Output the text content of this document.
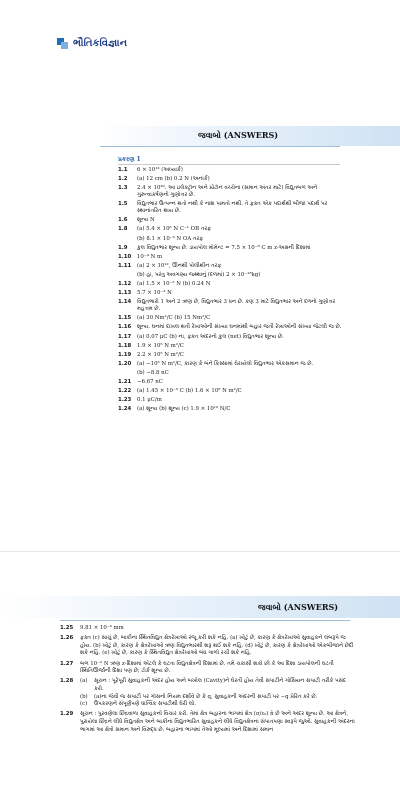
ભૌતિકવિજ્ઞાન
જવાબો (ANSWERS)
પ્રકરણ 1
1.1	6 × 10¹³ (અધ્યાર્ક)
1.2	(a) 12 cm (b) 0.2 N (અનાર્ક)
1.3	2.4 × 10³⁹. આ ઇલેક્ટ્રૉન અને પ્રોટૉન વચ્ચેના (સમાન અંતર માટે) વિદ્યુતબળ અને ગુરુત્વાકર્ષણનો ગુણોત્તર છે.
1.5	વિદ્યુતભાર ઉત્પન્ન થતો નથી કે નાશ પામતો નથી. તે ફક્ત એક પદાર્થથી બીજા પદાર્થ પર સ્થાનાંતરિત થાય છે.
1.6	શૂન્ય N
1.8	(a) 5.4 × 10⁶ N C⁻¹ OB તરફ
(b) 8.1 × 10⁻³ N OA તરફ
1.9	કુલ વિદ્યુતભાર શૂન્ય છે. ડાયપોલ મોમેન્ટ = 7.5 × 10⁻⁸ C m z-અક્ષની દિશામાં
1.10	10⁻⁴ N m
1.11	(a) 2 × 10¹², ઊનથી પોલીથીન તરફ
(b) હા, પરંતુ અવગણ્ય જથ્થાનું (દળમાં) 2 × 10⁻¹⁸kg)
1.12	(a) 1.5 × 10⁻² N (b) 0.24 N
1.13	5.7 × 10⁻³ N
1.14	વિદ્યુતભારો 1 અને 2 ઋણ છે, વિદ્યુતભાર 3 ધન છે. કણ 3 માટે વિદ્યુતભાર અને દળનો ગુણોત્તર મહત્તમ છે.
1.15	(a) 30 Nm²/C (b) 15 Nm²/C
1.16	શૂન્ય. ઘનમાં દાખલ થતી રેખાઓની સંખ્યા ઘનમાંથી બહાર જતી રેખાઓની સંખ્યા જેટલી જ છે.
1.17	(a) 0.07 μC (b) ના, ફક્ત અંદરનો કુલ (net) વિદ્યુતભાર શૂન્ય છે.
1.18	1.9 × 10⁵ N m²/C
1.19	2.2 × 10⁵ N m²/C
1.20	(a) −10⁵ N m²/C, કારણ કે બંને કિસ્સામાં ઘેરાયેલો વિદ્યુતભાર એકસમાન જ છે.
(b) −8.8 nC
1.21	−6.67 nC
1.22	(a) 1.45 × 10⁻³ C (b) 1.6 × 10⁸ N m²/C
1.23	0.1 μC/m
1.24	(a) શૂન્ય (b) શૂન્ય (c) 1.9 × 10¹⁰ N/C
જવાબો (ANSWERS)
1.25	9.81 × 10⁻⁴ mm
1.26	ફક્ત (c) સાચું છે, બાકીના સ્થિતવિદ્યુત ક્ષેત્રરેખાઓ રજૂ કરી શકે નહિ. (a) ખોટું છે, કારણ કે ક્ષેત્રરેખાઓ સુવાહકને લંબરૂપે જ હોય. (b) ખોટું છે, કારણ કે ક્ષેત્રરેખાઓ ઋણ વિદ્યુતભારથી શરૂ થઈ શકે નહિ. (d) ખોટું છે, કારણ કે ક્ષેત્રરેખાઓ એકબીજાને છેદી શકે નહિ. (e) ખોટું છે, કારણ કે સ્થિતવિદ્યુત ક્ષેત્રરેખાઓ બંધ ગાળો રચી શકે નહિ.
1.27	બળ 10⁻² N ઋણ z-દિશામાં એટલે કે ઘટતા વિદ્યુતક્ષેત્રની દિશામાં છે. તમે ચકાસી શકો છો કે આ દિશા ડાયપોલની ઘટતી સ્થિતિઊર્જાની દિશા પણ છે; ટોર્ક શૂન્ય છે.
1.28	(a)	સૂચન : પૂરેપૂરી સુવાહકની અંદર હોય અને બખોલ (Cavity)ને ઘેરતી હોય તેવી સપાટીને ગોસિયન સપાટી તરીકે પસંદ કરો.
(b)	(a)ના જેવી જ સપાટી પર ગૉસનો નિયમ દર્શાવે છે કે q, સુવાહકની અંદરની સપાટી પર −q પ્રેરિત કરે છે.
(c)	ઉપકરણને સંપૂર્ણપણે ધાત્વિક સપાટીથી ઘેરી લો.
1.29	સૂચન : પુરવણેલા છિદ્રવાળા સુવાહકનો વિચાર કરો. તેમાં ક્ષેત્ર બહારના ભાગમાં ક્ષેત્ર (σ/ε₀) n̂ છે અને અંદર શૂન્ય છે. આ ક્ષેત્રને, પુરાયેલા છિદ્રને લીધે વિદ્યુતક્ષેત્ર અને બાકીના વિદ્યુતભારિત સુવાહકને લીધે વિદ્યુતક્ષેત્રના સંપાતપણા સ્વરૂપે જુઓ. સુવાહકની અંદરના ભાગમાં આ ક્ષેત્રો સમાન અને વિરુદ્ધ છે. બહારના ભાગમાં તેઓ મૂલ્યમાં અને દિશામાં સમાન
